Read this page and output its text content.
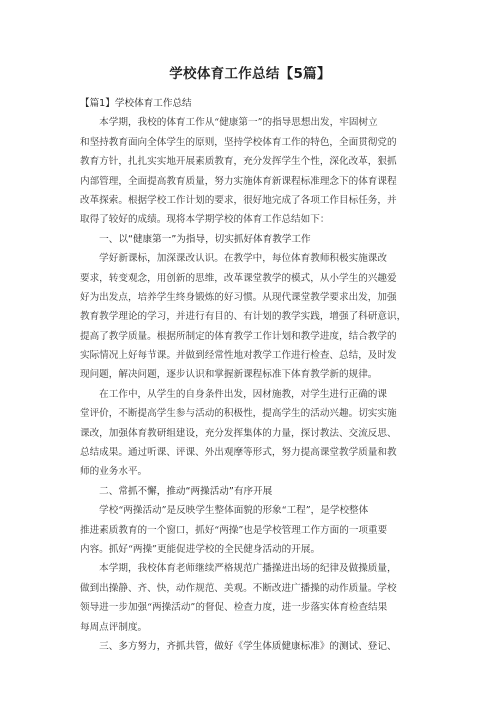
学校体育工作总结【5篇】
【篇1】学校体育工作总结
　　本学期，我校的体育工作从“健康第一”的指导思想出发，牢固树立
和坚持教育面向全体学生的原则，坚持学校体育工作的特色，全面贯彻党的
教育方针，扎扎实实地开展素质教育，充分发挥学生个性，深化改革，狠抓
内部管理，全面提高教育质量，努力实施体育新课程标准理念下的体育课程
改革探索。根据学校工作计划的要求，很好地完成了各项工作目标任务，并
取得了较好的成绩。现将本学期学校的体育工作总结如下：
　　一、以“健康第一”为指导，切实抓好体育教学工作
　　学好新课标，加深课改认识。在教学中，每位体育教师积极实施课改
要求，转变观念，用创新的思维，改革课堂教学的模式，从小学生的兴趣爱
好为出发点，培养学生终身锻炼的好习惯。从现代课堂教学要求出发，加强
教育教学理论的学习，并进行有目的、有计划的教学实践，增强了科研意识，
提高了教学质量。根据所制定的体育教学工作计划和教学进度，结合教学的
实际情况上好每节课。并做到经常性地对教学工作进行检查、总结，及时发
现问题，解决问题，逐步认识和掌握新课程标准下体育教学新的规律。
　　在工作中，从学生的自身条件出发，因材施教，对学生进行正确的课
堂评价，不断提高学生参与活动的积极性，提高学生的活动兴趣。切实实施
课改，加强体育教研组建设，充分发挥集体的力量，探讨教法、交流反思、
总结成果。通过听课、评课、外出观摩等形式，努力提高课堂教学质量和教
师的业务水平。
　　二、常抓不懈，推动“两操活动”有序开展
　　学校“两操活动”是反映学生整体面貌的形象“工程”，是学校整体
推进素质教育的一个窗口，抓好“两操”也是学校管理工作方面的一项重要
内容。抓好“两操”更能促进学校的全民健身活动的开展。
　　本学期，我校体育老师继续严格规范广播操进出场的纪律及做操质量，
做到出操静、齐、快，动作规范、美观。不断改进广播操的动作质量。学校
领导进一步加强“两操活动”的督促、检查力度，进一步落实体育检查结果
每周点评制度。
　　三、多方努力，齐抓共管，做好《学生体质健康标准》的测试、登记、
